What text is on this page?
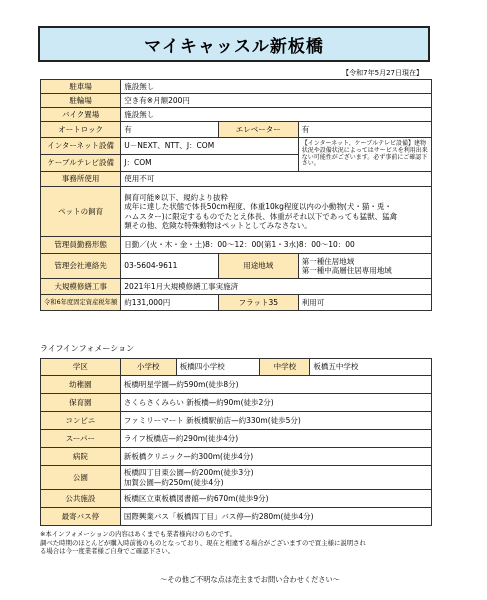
マイキャッスル新板橋
【令和7年5月27日現在】
駐車場	施設無し		
駐輪場	空き有※月額200円		
バイク置場	施設無し		
オートロック	有	エレベーター	有
インターネット設備	U－NEXT、NTT、J：COM		【インターネット、ケーブルテレビ設備】建物状況や設備状況によってはサービスを利用出来ない可能性がございます。必ず事前にご確認下さい。
ケーブルテレビ設備	J：COM		
事務所使用	使用不可		
ペットの飼育	飼育可能※以下、規約より抜粋
成年に達した状態で体長50cm程度、体重10kg程度以内の小動物(犬・猫・兎・
ハムスター)に限定するものでたとえ体長、体重がそれ以下であっても猛獣、猛禽
類その他、危険な特殊動物はペットとしてみなさない。		

管理員勤務形態	日勤／(火・木・金・土)8：00～12：00(第1・3水)8：00～10：00		
管理会社連絡先	03-5604-9611	用途地域	第一種住居地域
第一種中高層住居専用地域

大規模修繕工事	2021年1月大規模修繕工事実施済		
令和6年度固定資産税年額	約131,000円	フラット35	利用可
ライフインフォメーション
学区	小学校	板橋四小学校	中学校	板橋五中学校
幼稚園	板橋明星学園—約590m(徒歩8分)			
保育園	さくらさくみらい 新板橋—約90m(徒歩2分)			
コンビニ	ファミリーマート 新板橋駅前店—約330m(徒歩5分)			
スーパー	ライフ板橋店—約290m(徒歩4分)			
病院	新板橋クリニック—約300m(徒歩4分)			
公園	板橋四丁目東公園—約200m(徒歩3分)
加賀公園—約250m(徒歩4分)			

公共施設	板橋区立東板橋図書館—約670m(徒歩9分)			
最寄バス停	国際興業バス「板橋四丁目」バス停—約280m(徒歩4分)			
※本インフォメーションの内容はあくまでも業者様向けのものです。
調べた時期のほとんどが購入時前後のものとなっており、現在と相違する場合がございますので買主様に説明され
る場合は今一度業者様ご自身でご確認下さい。
～その他ご不明な点は売主までお問い合わせください～
